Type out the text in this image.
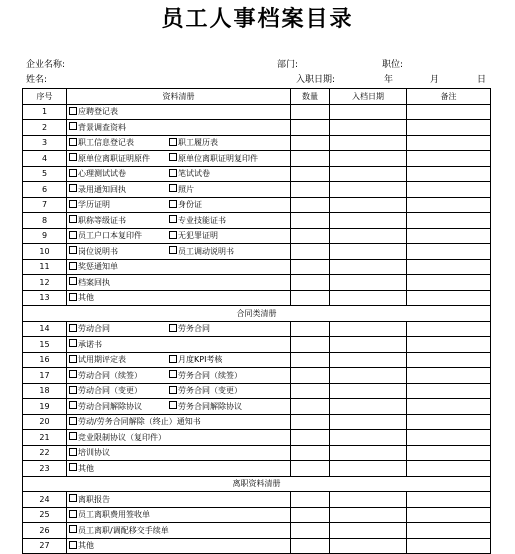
员工人事档案目录
企业名称:	部门:	职位:
姓名:	入职日期:	年	月	日
序号	资料清册	数量	入档日期	备注
1	应聘登记表			
2	背景调查资料			
3	职工信息登记表 职工履历表			
4	原单位离职证明原件 原单位离职证明复印件			
5	心理测试试卷 笔试试卷			
6	录用通知回执 照片			
7	学历证明 身份证			
8	职称等级证书 专业技能证书			
9	员工户口本复印件 无犯罪证明			
10	岗位说明书 员工调动说明书			
11	奖惩通知单			
12	档案回执			
13	其他			
合同类清册				
14	劳动合同 劳务合同			
15	承诺书			
16	试用期评定表 月度KPI考核			
17	劳动合同（续签） 劳务合同（续签）			
18	劳动合同（变更） 劳务合同（变更）			
19	劳动合同解除协议 劳务合同解除协议			
20	劳动/劳务合同解除（终止）通知书			
21	竞业限制协议（复印件）			
22	培训协议			
23	其他			
离职资料清册				
24	离职报告			
25	员工离职费用签收单			
26	员工离职/调配移交手续单			
27	其他			
